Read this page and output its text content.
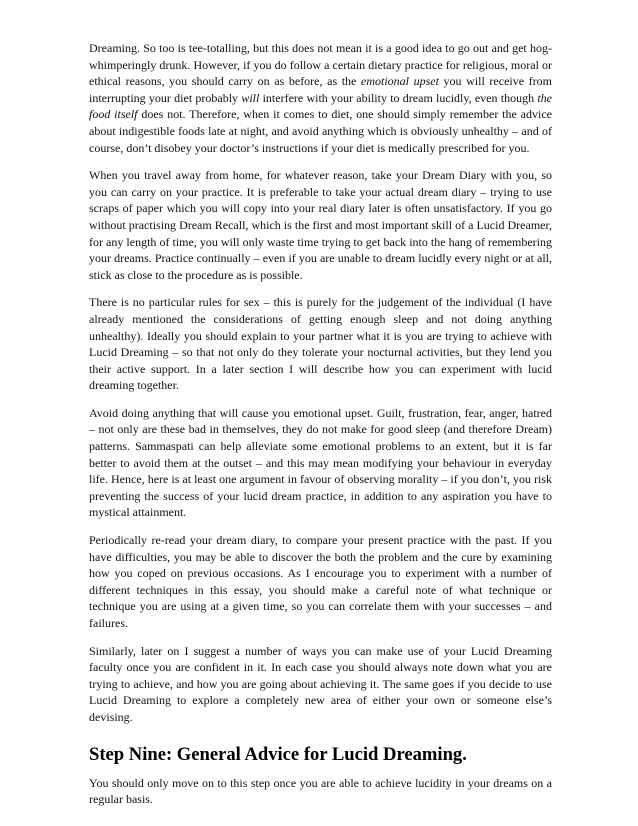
Dreaming. So too is tee-totalling, but this does not mean it is a good idea to go out and get hog-whimperingly drunk. However, if you do follow a certain dietary practice for religious, moral or ethical reasons, you should carry on as before, as the emotional upset you will receive from interrupting your diet probably will interfere with your ability to dream lucidly, even though the food itself does not. Therefore, when it comes to diet, one should simply remember the advice about indigestible foods late at night, and avoid anything which is obviously unhealthy – and of course, don’t disobey your doctor’s instructions if your diet is medically prescribed for you.

When you travel away from home, for whatever reason, take your Dream Diary with you, so you can carry on your practice. It is preferable to take your actual dream diary – trying to use scraps of paper which you will copy into your real diary later is often unsatisfactory. If you go without practising Dream Recall, which is the first and most important skill of a Lucid Dreamer, for any length of time, you will only waste time trying to get back into the hang of remembering your dreams. Practice continually – even if you are unable to dream lucidly every night or at all, stick as close to the procedure as is possible.

There is no particular rules for sex – this is purely for the judgement of the individual (I have already mentioned the considerations of getting enough sleep and not doing anything unhealthy). Ideally you should explain to your partner what it is you are trying to achieve with Lucid Dreaming – so that not only do they tolerate your nocturnal activities, but they lend you their active support. In a later section I will describe how you can experiment with lucid dreaming together.

Avoid doing anything that will cause you emotional upset. Guilt, frustration, fear, anger, hatred – not only are these bad in themselves, they do not make for good sleep (and therefore Dream) patterns. Sammaspati can help alleviate some emotional problems to an extent, but it is far better to avoid them at the outset – and this may mean modifying your behaviour in everyday life. Hence, here is at least one argument in favour of observing morality – if you don’t, you risk preventing the success of your lucid dream practice, in addition to any aspiration you have to mystical attainment.

Periodically re-read your dream diary, to compare your present practice with the past. If you have difficulties, you may be able to discover the both the problem and the cure by examining how you coped on previous occasions. As I encourage you to experiment with a number of different techniques in this essay, you should make a careful note of what technique or technique you are using at a given time, so you can correlate them with your successes – and failures.

Similarly, later on I suggest a number of ways you can make use of your Lucid Dreaming faculty once you are confident in it. In each case you should always note down what you are trying to achieve, and how you are going about achieving it. The same goes if you decide to use Lucid Dreaming to explore a completely new area of either your own or someone else’s devising.

Step Nine: General Advice for Lucid Dreaming.

You should only move on to this step once you are able to achieve lucidity in your dreams on a regular basis.
